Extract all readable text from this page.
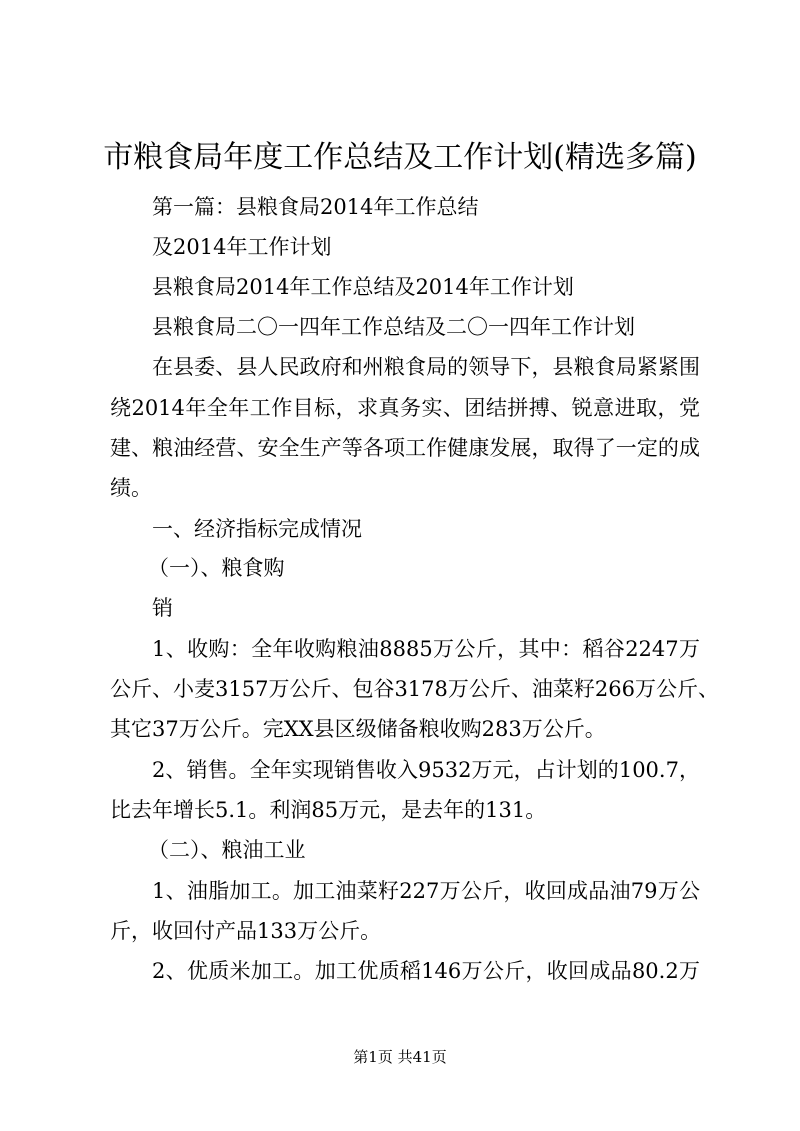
市粮食局年度工作总结及工作计划(精选多篇)

第一篇：县粮食局2014年工作总结

及2014年工作计划

县粮食局2014年工作总结及2014年工作计划

县粮食局二〇一四年工作总结及二〇一四年工作计划

在县委、县人民政府和州粮食局的领导下，县粮食局紧紧围

绕2014年全年工作目标，求真务实、团结拼搏、锐意进取，党

建、粮油经营、安全生产等各项工作健康发展，取得了一定的成

绩。

一、经济指标完成情况

（一）、粮食购

销

1、收购：全年收购粮油8885万公斤，其中：稻谷2247万

公斤、小麦3157万公斤、包谷3178万公斤、油菜籽266万公斤、

其它37万公斤。完XX县区级储备粮收购283万公斤。

2、销售。全年实现销售收入9532万元，占计划的100.7，

比去年增长5.1。利润85万元，是去年的131。

（二）、粮油工业

1、油脂加工。加工油菜籽227万公斤，收回成品油79万公

斤，收回付产品133万公斤。

2、优质米加工。加工优质稻146万公斤，收回成品80.2万

第1页 共41页
